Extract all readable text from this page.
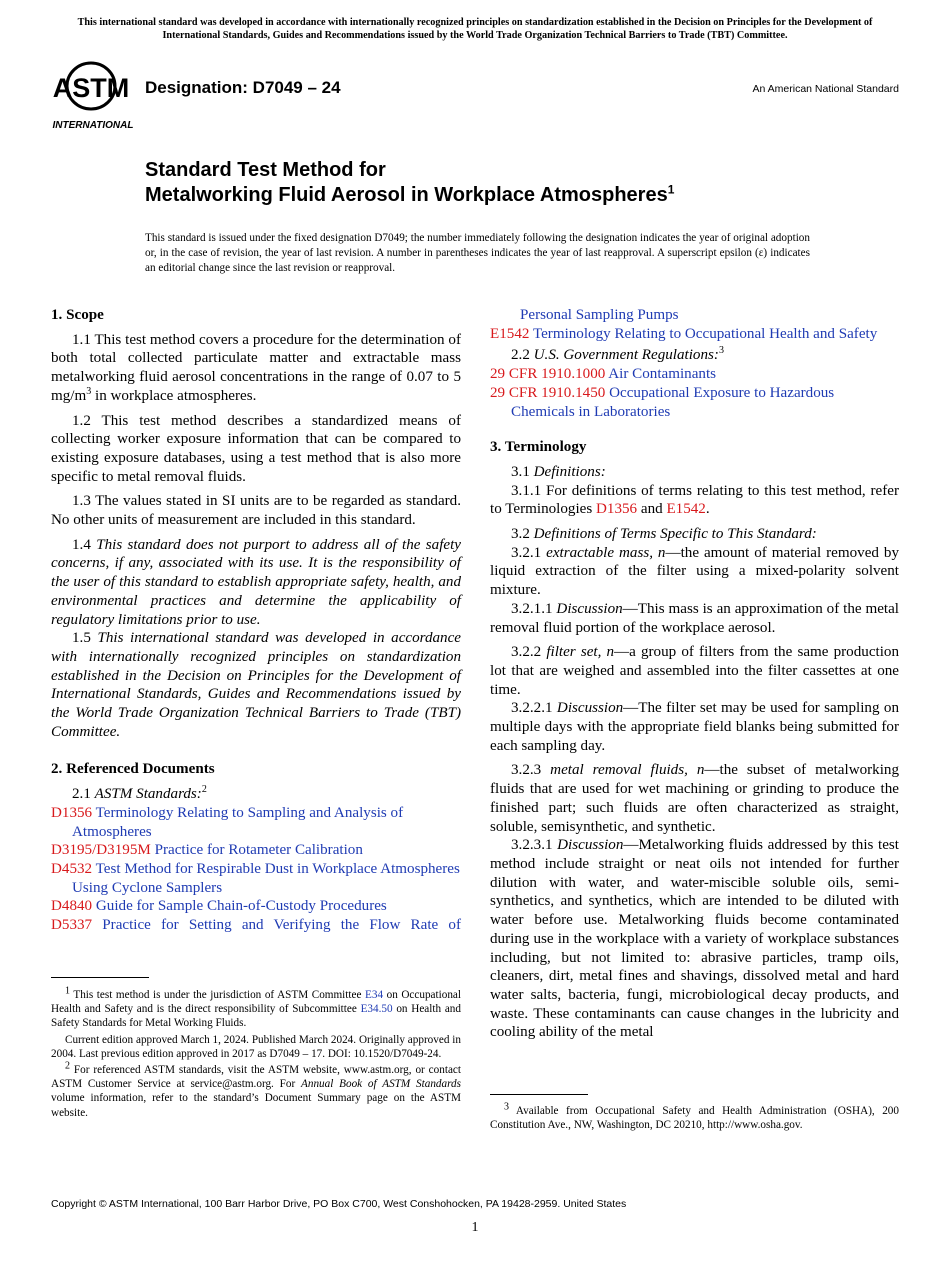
This international standard was developed in accordance with internationally recognized principles on standardization established in the Decision on Principles for the Development of International Standards, Guides and Recommendations issued by the World Trade Organization Technical Barriers to Trade (TBT) Committee.
ASTM
INTERNATIONAL
Designation: D7049 – 24	An American National Standard
Standard Test Method for
Metalworking Fluid Aerosol in Workplace Atmospheres$^1$
This standard is issued under the fixed designation D7049; the number immediately following the designation indicates the year of original adoption or, in the case of revision, the year of last revision. A number in parentheses indicates the year of last reapproval. A superscript epsilon (ε) indicates an editorial change since the last revision or reapproval.

1. Scope

1.1 This test method covers a procedure for the determination of both total collected particulate matter and extractable mass metalworking fluid aerosol concentrations in the range of 0.07 to 5 $mg/m^3$ in workplace atmospheres.

1.2 This test method describes a standardized means of collecting worker exposure information that can be compared to existing exposure databases, using a test method that is also more specific to metal removal fluids.

1.3 The values stated in SI units are to be regarded as standard. No other units of measurement are included in this standard.

1.4 This standard does not purport to address all of the safety concerns, if any, associated with its use. It is the responsibility of the user of this standard to establish appropriate safety, health, and environmental practices and determine the applicability of regulatory limitations prior to use.

1.5 This international standard was developed in accordance with internationally recognized principles on standardization established in the Decision on Principles for the Development of International Standards, Guides and Recommendations issued by the World Trade Organization Technical Barriers to Trade (TBT) Committee.

2. Referenced Documents

2.1 ASTM Standards:$^2$

D1356 Terminology Relating to Sampling and Analysis of Atmospheres

D3195/D3195M Practice for Rotameter Calibration

D4532 Test Method for Respirable Dust in Workplace Atmospheres Using Cyclone Samplers

D4840 Guide for Sample Chain-of-Custody Procedures

D5337 Practice for Setting and Verifying the Flow Rate of

$^1$ This test method is under the jurisdiction of ASTM Committee E34 on Occupational Health and Safety and is the direct responsibility of Subcommittee E34.50 on Health and Safety Standards for Metal Working Fluids.

Current edition approved March 1, 2024. Published March 2024. Originally approved in 2004. Last previous edition approved in 2017 as D7049 – 17. DOI: 10.1520/D7049-24.

$^2$ For referenced ASTM standards, visit the ASTM website, www.astm.org, or contact ASTM Customer Service at service@astm.org. For Annual Book of ASTM Standards volume information, refer to the standard’s Document Summary page on the ASTM website.

Personal Sampling Pumps

E1542 Terminology Relating to Occupational Health and Safety

2.2 U.S. Government Regulations:$^3$

29 CFR 1910.1000 Air Contaminants

29 CFR 1910.1450 Occupational Exposure to Hazardous Chemicals in Laboratories

3. Terminology

3.1 Definitions:

3.1.1 For definitions of terms relating to this test method, refer to Terminologies D1356 and E1542.

3.2 Definitions of Terms Specific to This Standard:

3.2.1 extractable mass, n—the amount of material removed by liquid extraction of the filter using a mixed-polarity solvent mixture.

3.2.1.1 Discussion—This mass is an approximation of the metal removal fluid portion of the workplace aerosol.

3.2.2 filter set, n—a group of filters from the same production lot that are weighed and assembled into the filter cassettes at one time.

3.2.2.1 Discussion—The filter set may be used for sampling on multiple days with the appropriate field blanks being submitted for each sampling day.

3.2.3 metal removal fluids, n—the subset of metalworking fluids that are used for wet machining or grinding to produce the finished part; such fluids are often characterized as straight, soluble, semisynthetic, and synthetic.

3.2.3.1 Discussion—Metalworking fluids addressed by this test method include straight or neat oils not intended for further dilution with water, and water-miscible soluble oils, semi-synthetics, and synthetics, which are intended to be diluted with water before use. Metalworking fluids become contaminated during use in the workplace with a variety of workplace substances including, but not limited to: abrasive particles, tramp oils, cleaners, dirt, metal fines and shavings, dissolved metal and hard water salts, bacteria, fungi, microbiological decay products, and waste. These contaminants can cause changes in the lubricity and cooling ability of the metal

$^3$ Available from Occupational Safety and Health Administration (OSHA), 200 Constitution Ave., NW, Washington, DC 20210, http://www.osha.gov.

Copyright © ASTM International, 100 Barr Harbor Drive, PO Box C700, West Conshohocken, PA 19428-2959. United States
1
